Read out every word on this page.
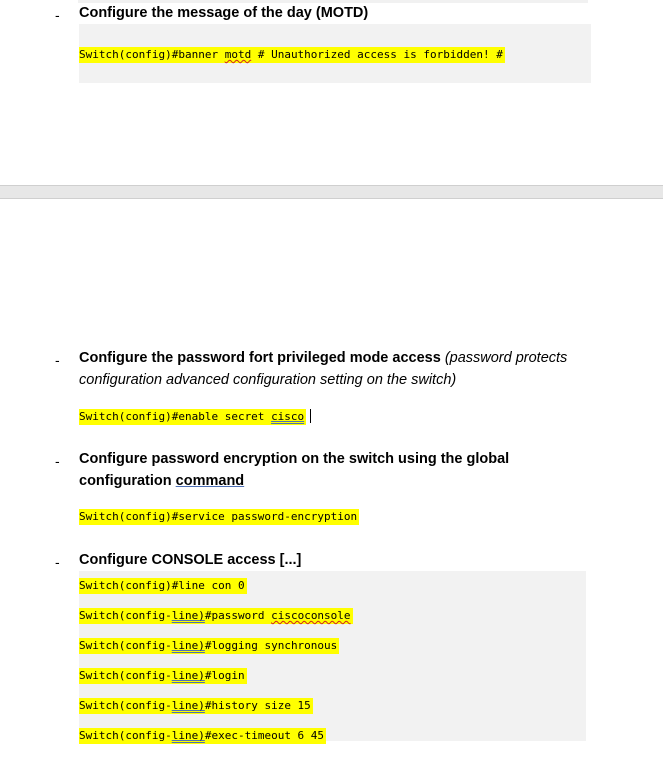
- Configure the message of the day (MOTD)

Switch(config)#banner motd # Unauthorized access is forbidden! #
- Configure the password fort privileged mode access (password protects configuration advanced configuration setting on the switch)

Switch(config)#enable secret cisco
- Configure password encryption on the switch using the global configuration command

Switch(config)#service password-encryption
- Configure CONSOLE access [...]

Switch(config)#line con 0
Switch(config-line)#password ciscoconsole
Switch(config-line)#logging synchronous
Switch(config-line)#login
Switch(config-line)#history size 15
Switch(config-line)#exec-timeout 6 45
